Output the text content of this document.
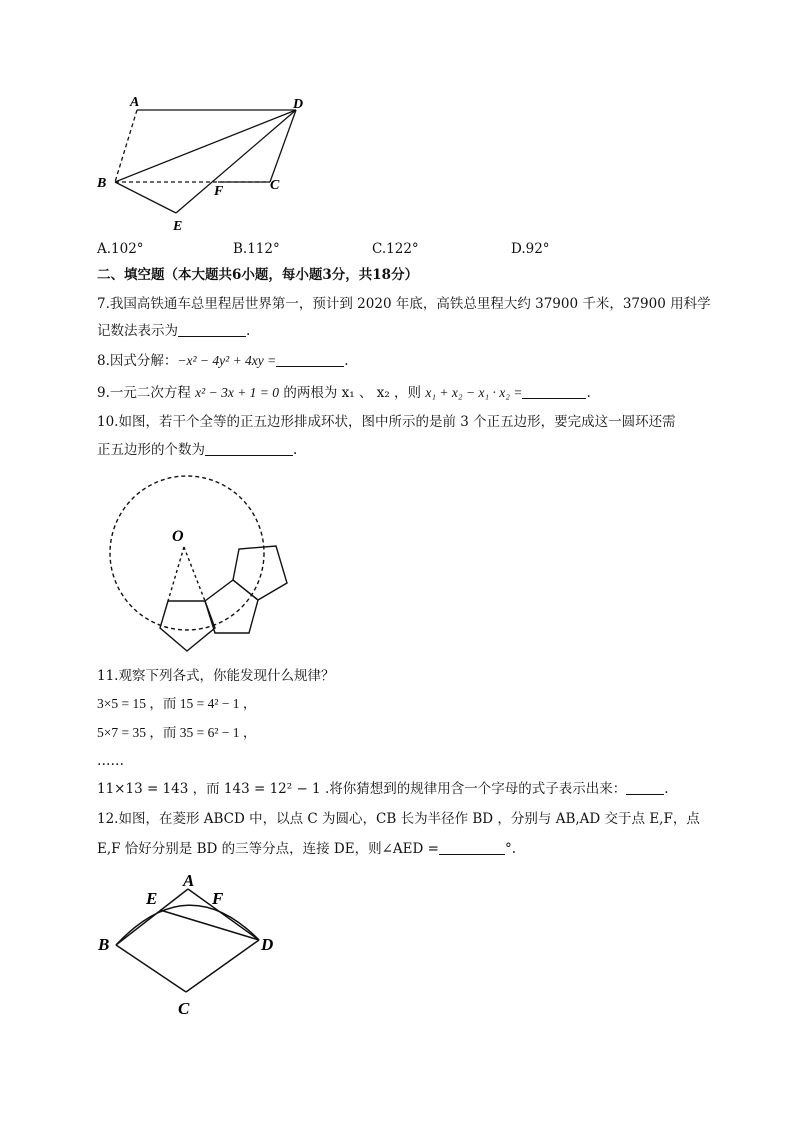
A	D
B
F	C
E
A.102°	B.112°	C.122°	D.92°
二、填空题（本大题共6小题，每小题3分，共18分）
7.我国高铁通车总里程居世界第一，预计到 2020 年底，高铁总里程大约 37900 千米，37900 用科学
记数法表示为	.
8.因式分解：−x² − 4y² + 4xy =	.
9.一元二次方程 x² − 3x + 1 = 0 的两根为 x₁ 、 x₂ ，则 x₁ + x₂ − x₁ · x₂ =	.
10.如图，若干个全等的正五边形排成环状，图中所示的是前 3 个正五边形，要完成这一圆环还需
正五边形的个数为	.
O
11.观察下列各式，你能发现什么规律？
3×5 = 15 ，而 15 = 4² − 1 ，
5×7 = 35 ，而 35 = 6² − 1 ，
……
11×13 = 143 ，而 143 = 12² − 1 .将你猜想到的规律用含一个字母的式子表示出来：	.
12.如图，在菱形 ABCD 中，以点 C 为圆心，CB 长为半径作 BD ，分别与 AB,AD 交于点 E,F，点
E,F 恰好分别是 BD 的三等分点，连接 DE，则∠AED =	°.
A
E	F
B	D
C
